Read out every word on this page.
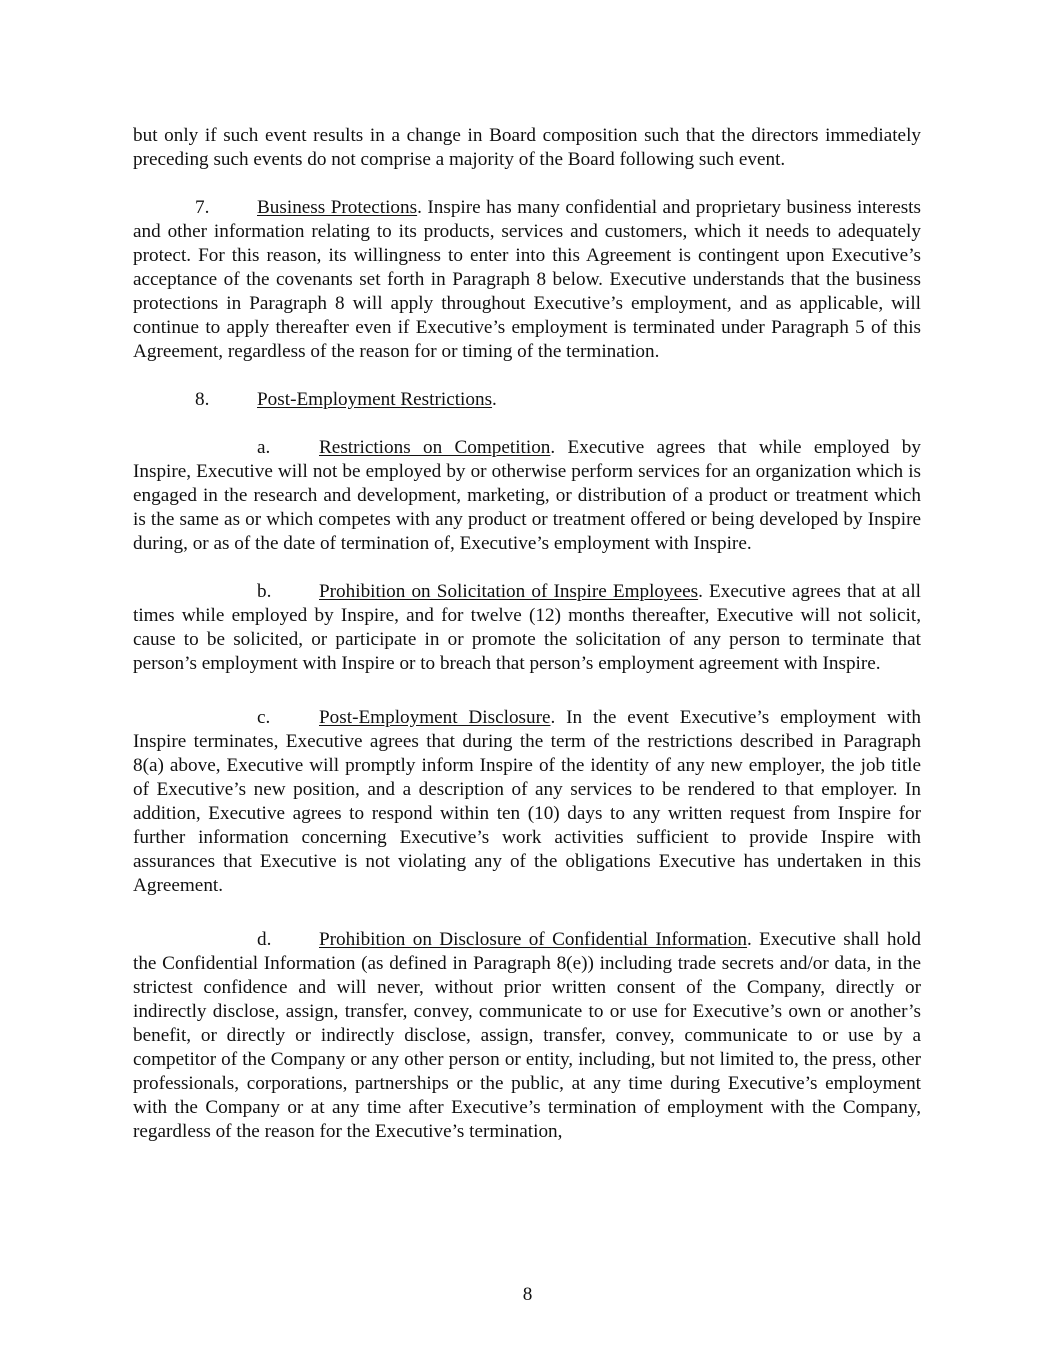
but only if such event results in a change in Board composition such that the directors immediately preceding such events do not comprise a majority of the Board following such event.

7. Business Protections. Inspire has many confidential and proprietary business interests and other information relating to its products, services and customers, which it needs to adequately protect. For this reason, its willingness to enter into this Agreement is contingent upon Executive’s acceptance of the covenants set forth in Paragraph 8 below. Executive understands that the business protections in Paragraph 8 will apply throughout Executive’s employment, and as applicable, will continue to apply thereafter even if Executive’s employment is terminated under Paragraph 5 of this Agreement, regardless of the reason for or timing of the termination.

8. Post-Employment Restrictions.

a.	Restrictions on Competition. Executive agrees that while employed by Inspire, Executive will not be employed by or otherwise perform services for an organization which is engaged in the research and development, marketing, or distribution of a product or treatment which is the same as or which competes with any product or treatment offered or being developed by Inspire during, or as of the date of termination of, Executive’s employment with Inspire.

b. Prohibition on Solicitation of Inspire Employees. Executive agrees that at all times while employed by Inspire, and for twelve (12) months thereafter, Executive will not solicit, cause to be solicited, or participate in or promote the solicitation of any person to terminate that person’s employment with Inspire or to breach that person’s employment agreement with Inspire.

c.	Post-Employment Disclosure. In the event Executive’s employment with Inspire terminates, Executive agrees that during the term of the restrictions described in Paragraph 8(a) above, Executive will promptly inform Inspire of the identity of any new employer, the job title of Executive’s new position, and a description of any services to be rendered to that employer. In addition, Executive agrees to respond within ten (10) days to any written request from Inspire for further information concerning Executive’s work activities sufficient to provide Inspire with assurances that Executive is not violating any of the obligations Executive has undertaken in this Agreement.

d. Prohibition on Disclosure of Confidential Information. Executive shall hold the Confidential Information (as defined in Paragraph 8(e)) including trade secrets and/or data, in the strictest confidence and will never, without prior written consent of the Company, directly or indirectly disclose, assign, transfer, convey, communicate to or use for Executive’s own or another’s benefit, or directly or indirectly disclose, assign, transfer, convey, communicate to or use by a competitor of the Company or any other person or entity, including, but not limited to, the press, other professionals, corporations, partnerships or the public, at any time during Executive’s employment with the Company or at any time after Executive’s termination of employment with the Company, regardless of the reason for the Executive’s termination,

8
